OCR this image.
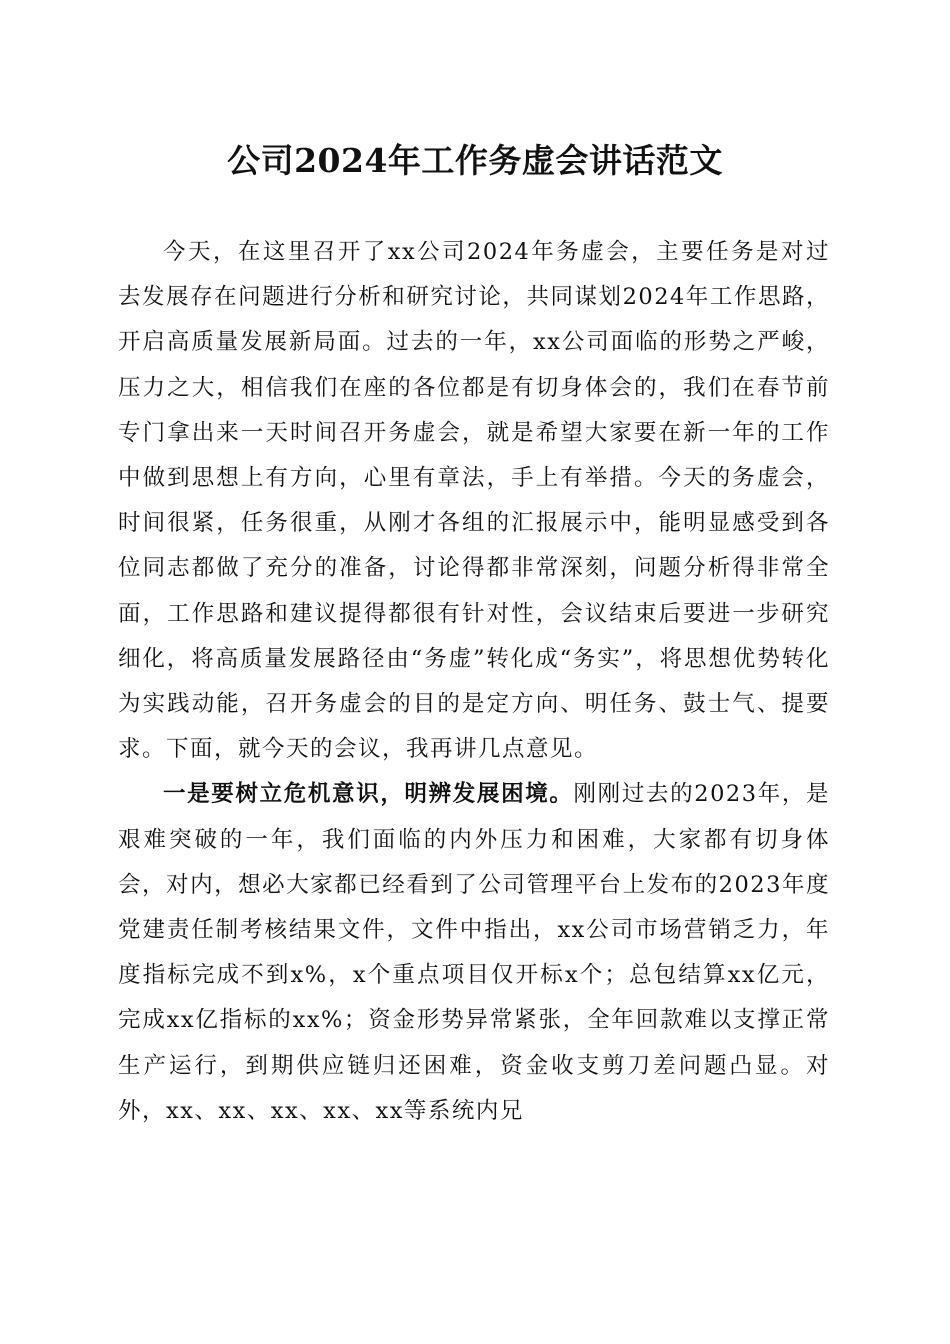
公司2024年工作务虚会讲话范文

今天，在这里召开了xx公司2024年务虚会，主要任务是对过去发展存在问题进行分析和研究讨论，共同谋划2024年工作思路，开启高质量发展新局面。过去的一年，xx公司面临的形势之严峻，压力之大，相信我们在座的各位都是有切身体会的，我们在春节前专门拿出来一天时间召开务虚会，就是希望大家要在新一年的工作中做到思想上有方向，心里有章法，手上有举措。今天的务虚会，时间很紧，任务很重，从刚才各组的汇报展示中，能明显感受到各位同志都做了充分的准备，讨论得都非常深刻，问题分析得非常全面，工作思路和建议提得都很有针对性，会议结束后要进一步研究细化，将高质量发展路径由“务虚”转化成“务实”，将思想优势转化为实践动能，召开务虚会的目的是定方向、明任务、鼓士气、提要求。下面，就今天的会议，我再讲几点意见。

一是要树立危机意识，明辨发展困境。刚刚过去的2023年，是艰难突破的一年，我们面临的内外压力和困难，大家都有切身体会，对内，想必大家都已经看到了公司管理平台上发布的2023年度党建责任制考核结果文件，文件中指出，xx公司市场营销乏力，年度指标完成不到x%，x个重点项目仅开标x个；总包结算xx亿元，完成xx亿指标的xx%；资金形势异常紧张，全年回款难以支撑正常生产运行，到期供应链归还困难，资金收支剪刀差问题凸显。对外，xx、xx、xx、xx、xx等系统内兄
